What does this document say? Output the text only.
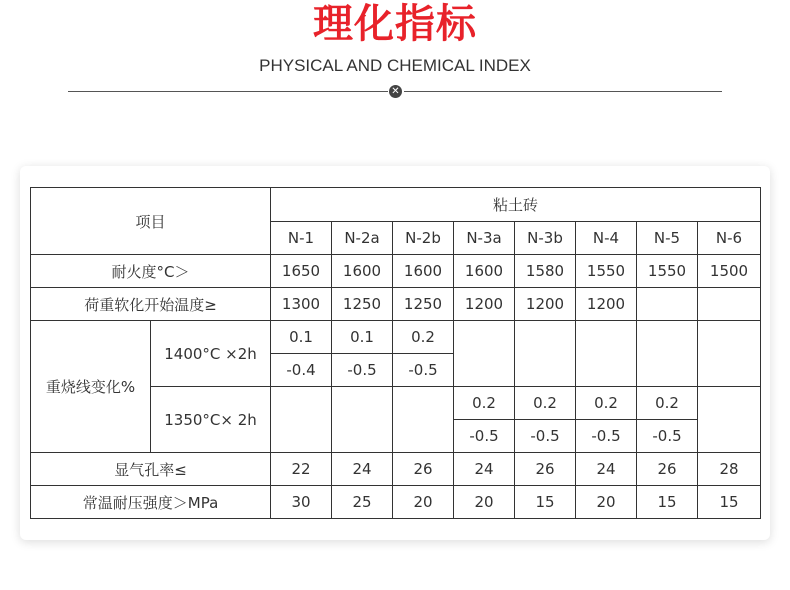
理化指标
PHYSICAL AND CHEMICAL INDEX
✕
项目		粘土砖							
		N-1	N-2a	N-2b	N-3a	N-3b	N-4	N-5	N-6
耐火度°C＞		1650	1600	1600	1600	1580	1550	1550	1500
荷重软化开始温度≥		1300	1250	1250	1200	1200	1200		
重烧线变化%	1400°C ×2h	0.1	0.1	0.2					
		-0.4	-0.5	-0.5					
	1350°C× 2h				0.2	0.2	0.2	0.2	
					-0.5	-0.5	-0.5	-0.5	
显气孔率≤		22	24	26	24	26	24	26	28
常温耐压强度＞MPa		30	25	20	20	15	20	15	15
